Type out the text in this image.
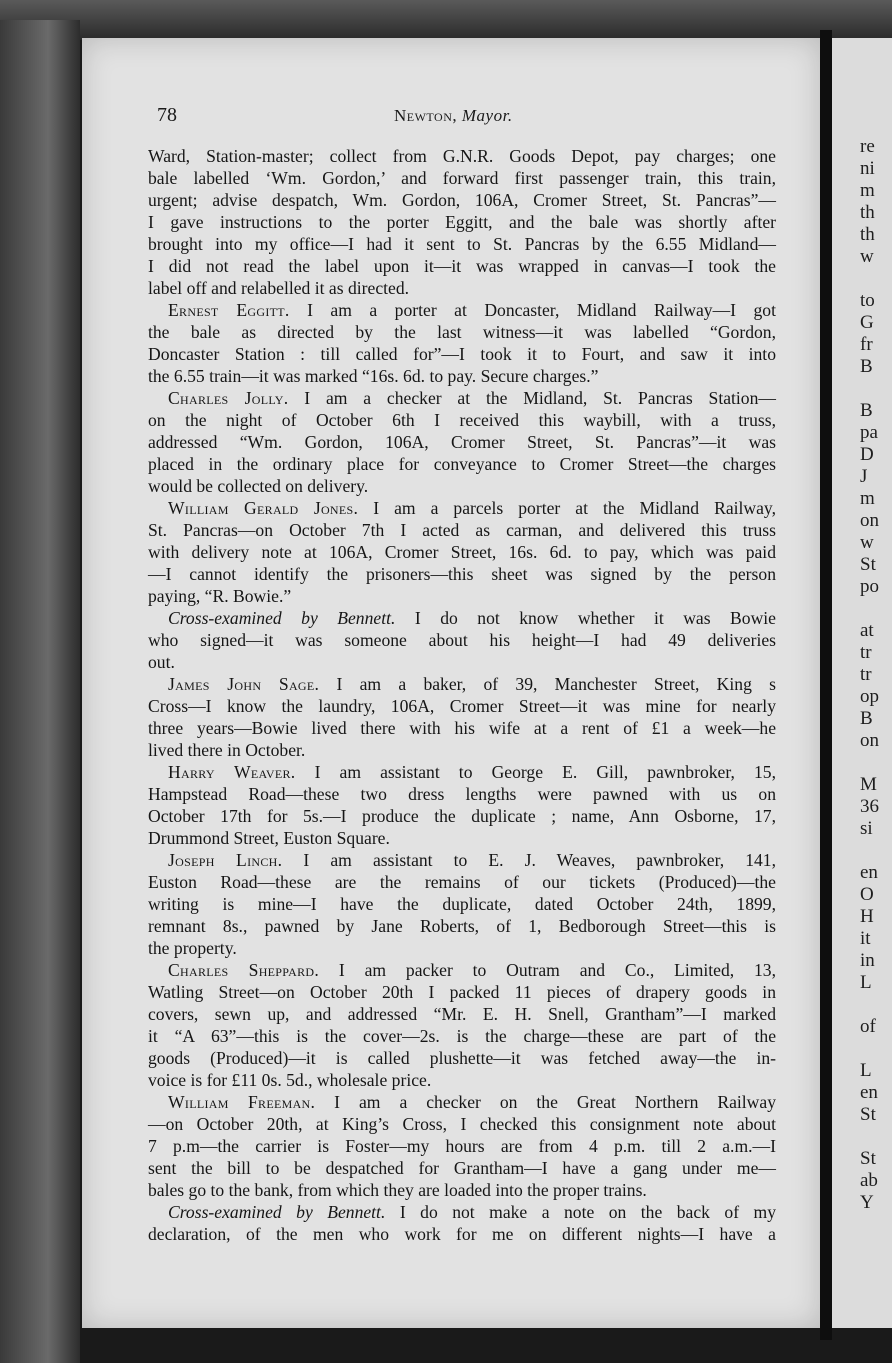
re
ni
m
th
th
w
to
G
fr
B
B
pa
D
J
m
on
w
St
po
at
tr
tr
op
B
on
M
36
si
en
O
H
it
in
L
of
L
en
St
St
ab
Y
78	Newton, Mayor.
Ward, Station-master; collect from G.N.R. Goods Depot, pay charges; one
bale labelled ‘Wm. Gordon,’ and forward first passenger train, this train,
urgent; advise despatch, Wm. Gordon, 106A, Cromer Street, St. Pancras”—
I gave instructions to the porter Eggitt, and the bale was shortly after
brought into my office—I had it sent to St. Pancras by the 6.55 Midland—
I did not read the label upon it—it was wrapped in canvas—I took the
label off and relabelled it as directed.
Ernest Eggitt. I am a porter at Doncaster, Midland Railway—I got
the bale as directed by the last witness—it was labelled “Gordon,
Doncaster Station : till called for”—I took it to Fourt, and saw it into
the 6.55 train—it was marked “16s. 6d. to pay. Secure charges.”
Charles Jolly. I am a checker at the Midland, St. Pancras Station—
on the night of October 6th I received this waybill, with a truss,
addressed “Wm. Gordon, 106A, Cromer Street, St. Pancras”—it was
placed in the ordinary place for conveyance to Cromer Street—the charges
would be collected on delivery.
William Gerald Jones. I am a parcels porter at the Midland Railway,
St. Pancras—on October 7th I acted as carman, and delivered this truss
with delivery note at 106A, Cromer Street, 16s. 6d. to pay, which was paid
—I cannot identify the prisoners—this sheet was signed by the person
paying, “R. Bowie.”
Cross-examined by Bennett. I do not know whether it was Bowie
who signed—it was someone about his height—I had 49 deliveries
out.
James John Sage. I am a baker, of 39, Manchester Street, King s
Cross—I know the laundry, 106A, Cromer Street—it was mine for nearly
three years—Bowie lived there with his wife at a rent of £1 a week—he
lived there in October.
Harry Weaver. I am assistant to George E. Gill, pawnbroker, 15,
Hampstead Road—these two dress lengths were pawned with us on
October 17th for 5s.—I produce the duplicate ; name, Ann Osborne, 17,
Drummond Street, Euston Square.
Joseph Linch. I am assistant to E. J. Weaves, pawnbroker, 141,
Euston Road—these are the remains of our tickets (Produced)—the
writing is mine—I have the duplicate, dated October 24th, 1899,
remnant 8s., pawned by Jane Roberts, of 1, Bedborough Street—this is
the property.
Charles Sheppard. I am packer to Outram and Co., Limited, 13,
Watling Street—on October 20th I packed 11 pieces of drapery goods in
covers, sewn up, and addressed “Mr. E. H. Snell, Grantham”—I marked
it “A 63”—this is the cover—2s. is the charge—these are part of the
goods (Produced)—it is called plushette—it was fetched away—the in-
voice is for £11 0s. 5d., wholesale price.
William Freeman. I am a checker on the Great Northern Railway
—on October 20th, at King’s Cross, I checked this consignment note about
7 p.m—the carrier is Foster—my hours are from 4 p.m. till 2 a.m.—I
sent the bill to be despatched for Grantham—I have a gang under me—
bales go to the bank, from which they are loaded into the proper trains.
Cross-examined by Bennett. I do not make a note on the back of my
declaration, of the men who work for me on different nights—I have a
